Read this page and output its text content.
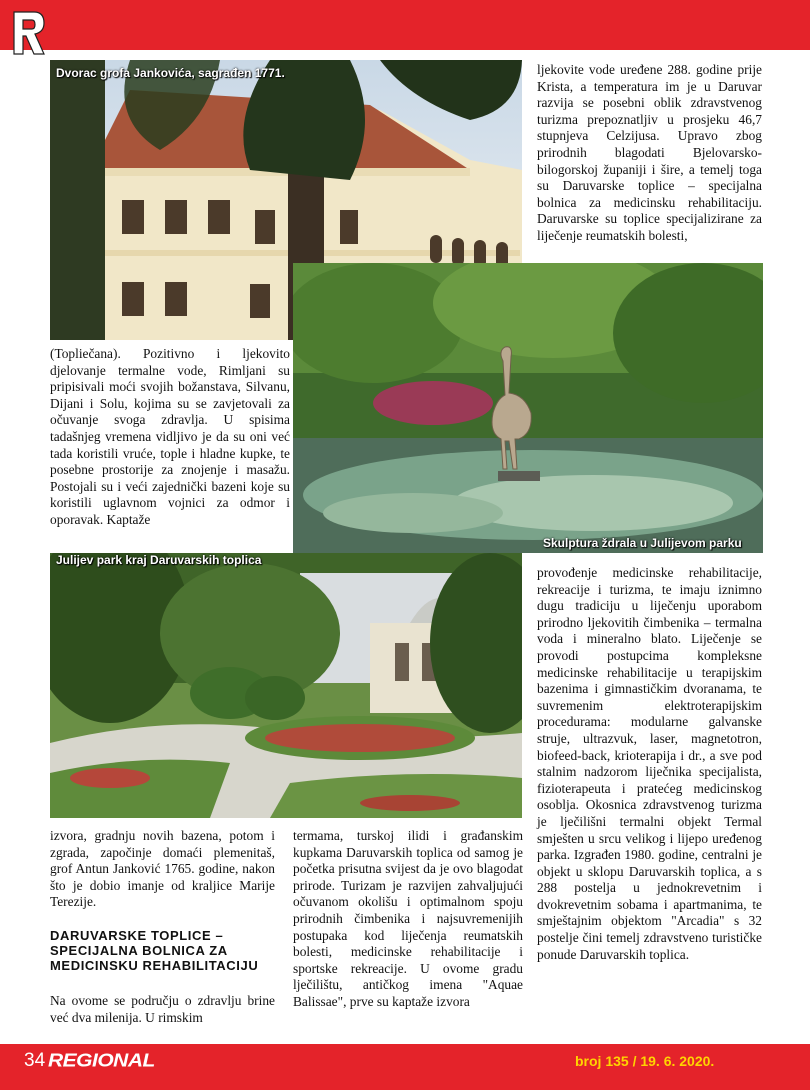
Dvorac grofa Jankovića, sagrađen 1771.
Skulptura ždrala u Julijevom parku
Julijev park kraj Daruvarskih toplica

ljekovite vode uređene 288. godine prije Krista, a temperatura im je u Daruvar razvija se posebni oblik zdravstvenog turizma prepoznatljiv u prosjeku 46,7 stupnjeva Celzijusa. Upravo zbog prirodnih blagodati Bjelovarsko-bilogorskoj županiji i šire, a temelj toga su Daruvarske toplice – specijalna bolnica za medicinsku rehabilitaciju. Daruvarske su toplice specijalizirane za liječenje reumatskih bolesti,

(Topliečana). Pozitivno i ljekovito djelovanje termalne vode, Rimljani su pripisivali moći svojih božanstava, Silvanu, Dijani i Solu, kojima su se zavjetovali za očuvanje svoga zdravlja. U spisima tadašnjeg vremena vidljivo je da su oni već tada koristili vruće, tople i hladne kupke, te posebne prostorije za znojenje i masažu. Postojali su i veći zajednički bazeni koje su koristili uglavnom vojnici za odmor i oporavak. Kaptaže

provođenje medicinske rehabilitacije, rekreacije i turizma, te imaju iznimno dugu tradiciju u liječenju uporabom prirodno ljekovitih čimbenika – termalna voda i mineralno blato. Liječenje se provodi postupcima kompleksne medicinske rehabilitacije u terapijskim bazenima i gimnastičkim dvoranama, te suvremenim elektroterapijskim procedurama: modularne galvanske struje, ultrazvuk, laser, magnetotron, biofeed-back, krioterapija i dr., a sve pod stalnim nadzorom liječnika specijalista, fizioterapeuta i pratećeg medicinskog osoblja. Okosnica zdravstvenog turizma je lječilišni termalni objekt Termal smješten u srcu velikog i lijepo uređenog parka. Izgrađen 1980. godine, centralni je objekt u sklopu Daruvarskih toplica, a s 288 postelja u jednokrevetnim i dvokrevetnim sobama i apartmanima, te smještajnim objektom "Arcadia" s 32 postelje čini temelj zdravstveno turističke ponude Daruvarskih toplica.

izvora, gradnju novih bazena, potom i zgrada, započinje domaći plemenitaš, grof Antun Janković 1765. godine, nakon što je dobio imanje od kraljice Marije Terezije.

DARUVARSKE TOPLICE – SPECIJALNA BOLNICA ZA MEDICINSKU REHABILITACIJU

Na ovome se području o zdravlju brine već dva milenija. U rimskim

termama, turskoj ilidi i građanskim kupkama Daruvarskih toplica od samog je početka prisutna svijest da je ovo blagodat prirode. Turizam je razvijen zahvaljujući očuvanom okolišu i optimalnom spoju prirodnih čimbenika i najsuvremenijih postupaka kod liječenja reumatskih bolesti, medicinske rehabilitacije i sportske rekreacije. U ovome gradu lječilištu, antičkog imena "Aquae Balissae", prve su kaptaže izvora

34 REGIONAL	broj 135 / 19. 6. 2020.
